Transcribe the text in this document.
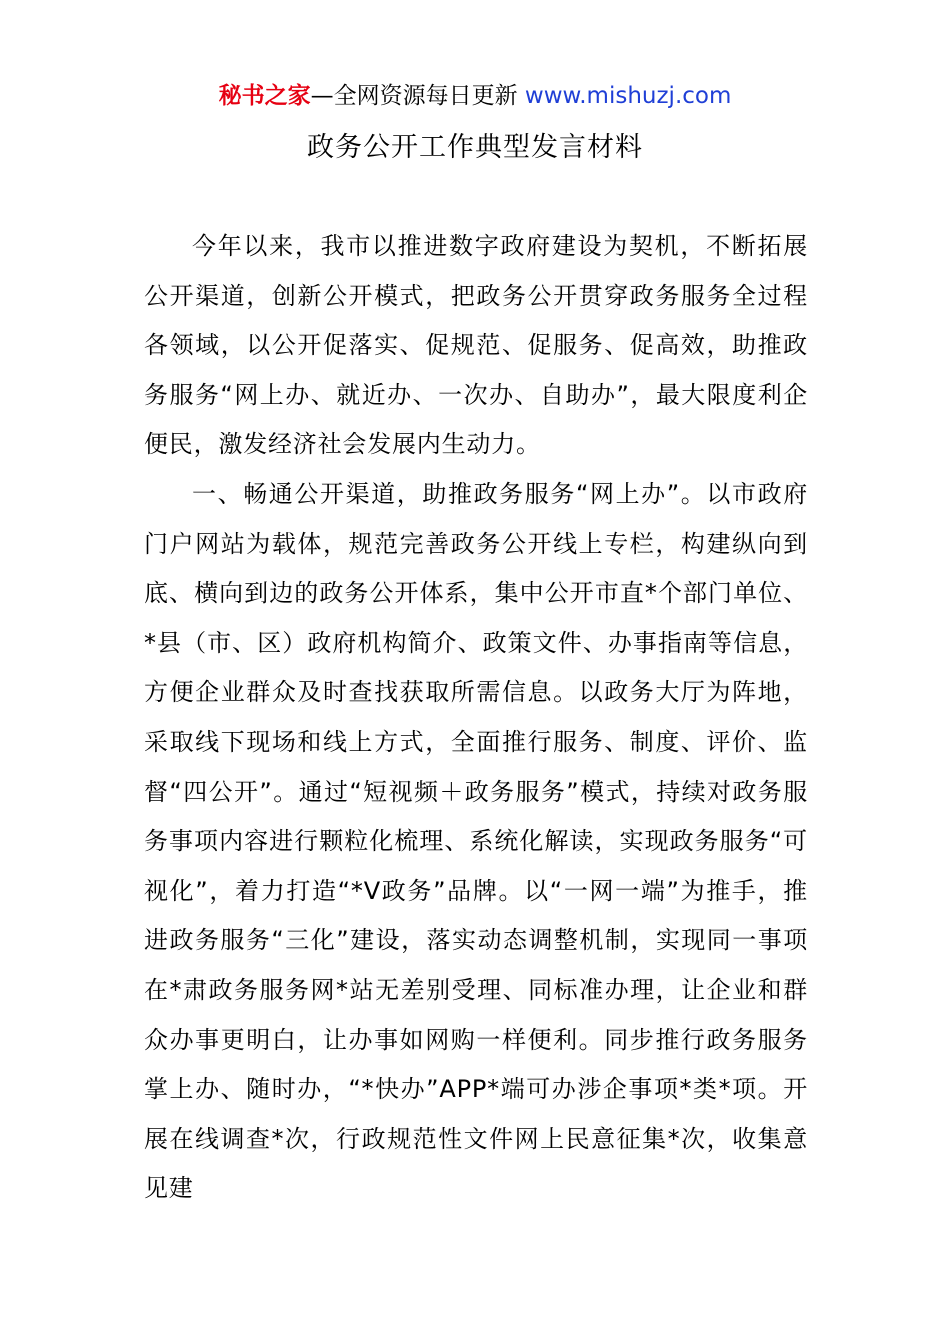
秘书之家—全网资源每日更新 www.mishuzj.com
政务公开工作典型发言材料

今年以来，我市以推进数字政府建设为契机，不断拓展公开渠道，创新公开模式，把政务公开贯穿政务服务全过程各领域，以公开促落实、促规范、促服务、促高效，助推政务服务“网上办、就近办、一次办、自助办”，最大限度利企便民，激发经济社会发展内生动力。

一、畅通公开渠道，助推政务服务“网上办”。以市政府门户网站为载体，规范完善政务公开线上专栏，构建纵向到底、横向到边的政务公开体系，集中公开市直*个部门单位、*县（市、区）政府机构简介、政策文件、办事指南等信息，方便企业群众及时查找获取所需信息。以政务大厅为阵地，采取线下现场和线上方式，全面推行服务、制度、评价、监督“四公开”。通过“短视频＋政务服务”模式，持续对政务服务事项内容进行颗粒化梳理、系统化解读，实现政务服务“可视化”，着力打造“*V政务”品牌。以“一网一端”为推手，推进政务服务“三化”建设，落实动态调整机制，实现同一事项在*肃政务服务网*站无差别受理、同标准办理，让企业和群众办事更明白，让办事如网购一样便利。同步推行政务服务掌上办、随时办，“*快办”APP*端可办涉企事项*类*项。开展在线调查*次，行政规范性文件网上民意征集*次，收集意见建
